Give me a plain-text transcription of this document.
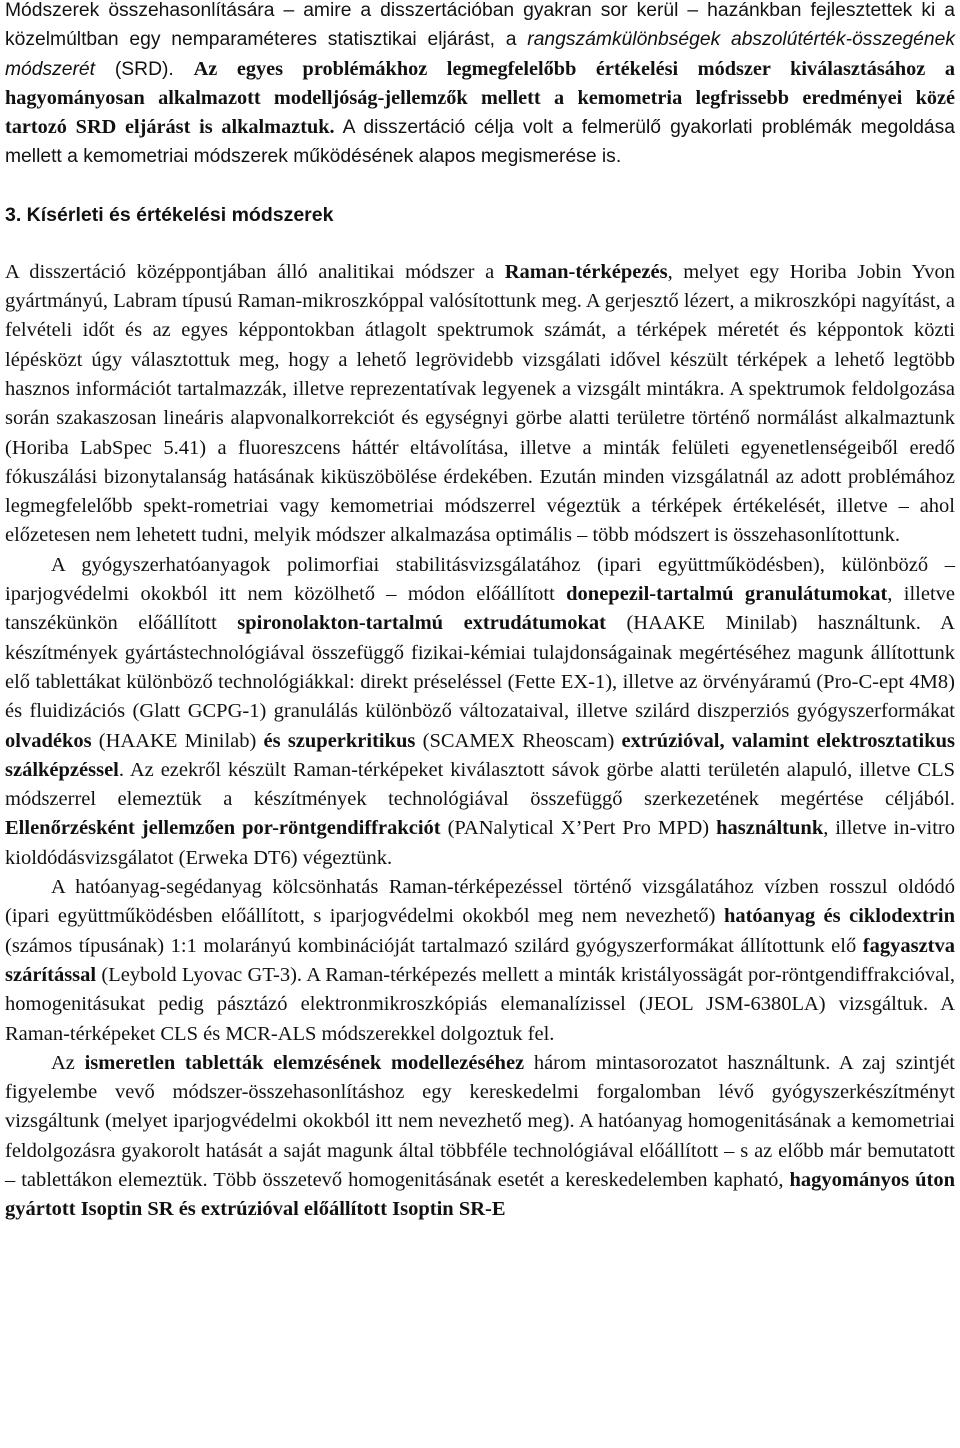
Módszerek összehasonlítására – amire a disszertációban gyakran sor kerül – hazánkban fejlesztettek ki a közelmúltban egy nemparaméteres statisztikai eljárást, a rangszámkülönbségek abszolútérték-összegének módszerét (SRD). Az egyes problémákhoz legmegfelelőbb értékelési módszer kiválasztásához a hagyományosan alkalmazott modelljóság-jellemzők mellett a kemometria legfrissebb eredményei közé tartozó SRD eljárást is alkalmaztuk. A disszertáció célja volt a felmerülő gyakorlati problémák megoldása mellett a kemometriai módszerek működésének alapos megismerése is.

3. Kísérleti és értékelési módszerek

A disszertáció középpontjában álló analitikai módszer a Raman-térképezés, melyet egy Horiba Jobin Yvon gyártmányú, Labram típusú Raman-mikroszkóppal valósítottunk meg. A gerjesztő lézert, a mikroszkópi nagyítást, a felvételi időt és az egyes képpontokban átlagolt spektrumok számát, a térképek méretét és képpontok közti lépésközt úgy választottuk meg, hogy a lehető legrövidebb vizsgálati idővel készült térképek a lehető legtöbb hasznos információt tartalmazzák, illetve reprezentatívak legyenek a vizsgált mintákra. A spektrumok feldolgozása során szakaszosan lineáris alapvonalkorrekciót és egységnyi görbe alatti területre történő normálást alkalmaztunk (Horiba LabSpec 5.41) a fluoreszcens háttér eltávolítása, illetve a minták felületi egyenetlenségeiből eredő fókuszálási bizonytalanság hatásának kiküszöbölése érdekében. Ezután minden vizsgálatnál az adott problémához legmegfelelőbb spekt-rometriai vagy kemometriai módszerrel végeztük a térképek értékelését, illetve – ahol előzetesen nem lehetett tudni, melyik módszer alkalmazása optimális – több módszert is összehasonlítottunk.

A gyógyszerhatóanyagok polimorfiai stabilitásvizsgálatához (ipari együttműködésben), különböző – iparjogvédelmi okokból itt nem közölhető – módon előállított donepezil-tartalmú granulátumokat, illetve tanszékünkön előállított spironolakton-tartalmú extrudátumokat (HAAKE Minilab) használtunk. A készítmények gyártástechnológiával összefüggő fizikai-kémiai tulajdonságainak megértéséhez magunk állítottunk elő tablettákat különböző technológiákkal: direkt préseléssel (Fette EX-1), illetve az örvényáramú (Pro-C-ept 4M8) és fluidizációs (Glatt GCPG-1) granulálás különböző változataival, illetve szilárd diszperziós gyógyszerformákat olvadékos (HAAKE Minilab) és szuperkritikus (SCAMEX Rheoscam) extrúzióval, valamint elektrosztatikus szálképzéssel. Az ezekről készült Raman-térképeket kiválasztott sávok görbe alatti területén alapuló, illetve CLS módszerrel elemeztük a készítmények technológiával összefüggő szerkezetének megértése céljából. Ellenőrzésként jellemzően por-röntgendiffrakciót (PANalytical X’Pert Pro MPD) használtunk, illetve in-vitro kioldódásvizsgálatot (Erweka DT6) végeztünk.

A hatóanyag-segédanyag kölcsönhatás Raman-térképezéssel történő vizsgálatához vízben rosszul oldódó (ipari együttműködésben előállított, s iparjogvédelmi okokból meg nem nevezhető) hatóanyag és ciklodextrin (számos típusának) 1:1 molarányú kombinációját tartalmazó szilárd gyógyszerformákat állítottunk elő fagyasztva szárítással (Leybold Lyovac GT-3). A Raman-térképezés mellett a minták kristályossägát por-röntgendiffrakcióval, homogenitásukat pedig pásztázó elektronmikroszkópiás elemanalízissel (JEOL JSM-6380LA) vizsgáltuk. A Raman-térképeket CLS és MCR-ALS módszerekkel dolgoztuk fel.

Az ismeretlen tabletták elemzésének modellezéséhez három mintasorozatot használtunk. A zaj szintjét figyelembe vevő módszer-összehasonlításhoz egy kereskedelmi forgalomban lévő gyógyszerkészítményt vizsgáltunk (melyet iparjogvédelmi okokból itt nem nevezhető meg). A hatóanyag homogenitásának a kemometriai feldolgozásra gyakorolt hatását a saját magunk által többféle technológiával előállított – s az előbb már bemutatott – tablettákon elemeztük. Több összetevő homogenitásának esetét a kereskedelemben kapható, hagyományos úton gyártott Isoptin SR és extrúzióval előállított Isoptin SR-E
